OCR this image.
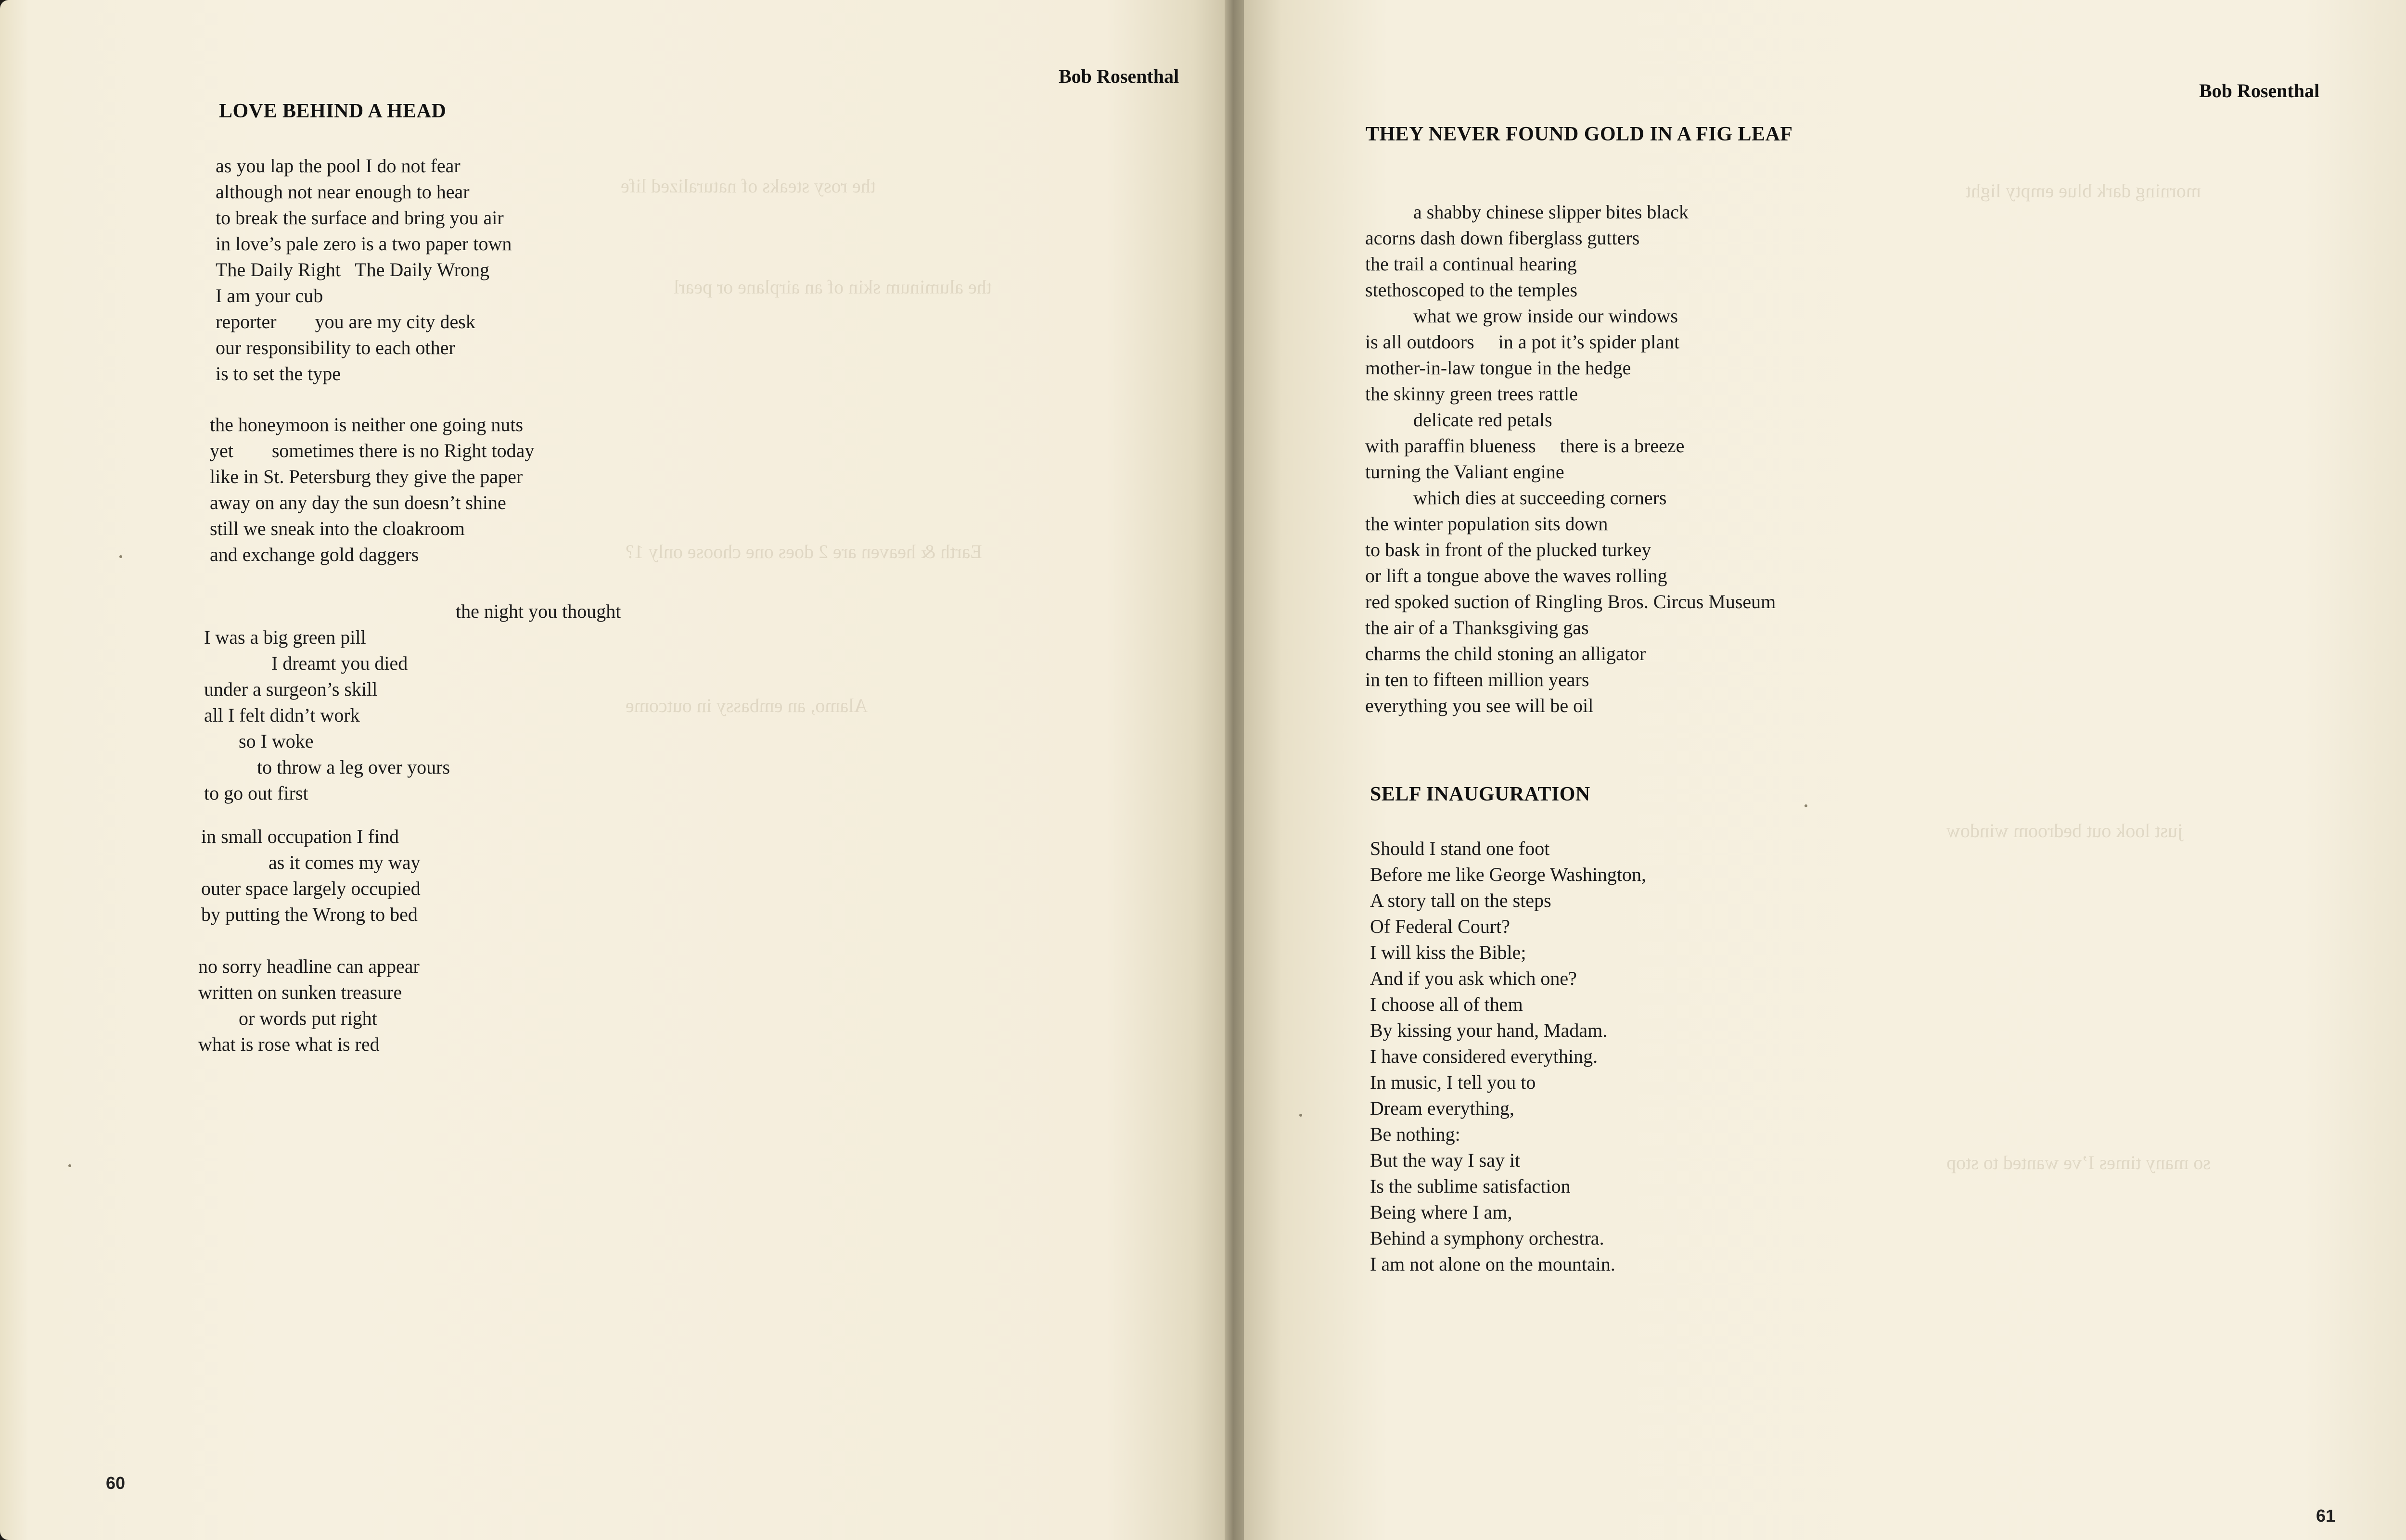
the rosy steaks of naturalized life
the aluminum skin of an airplane or pearl
Earth & heaven are 2 does one choose only 1?
Alamo, an embassy in outcome
Bob Rosenthal
LOVE BEHIND A HEAD
as you lap the pool I do not fear
although not near enough to hear
to break the surface and bring you air
in love’s pale zero is a two paper town
The Daily Right   The Daily Wrong
I am your cub
reporter        you are my city desk
our responsibility to each other
is to set the type
the honeymoon is neither one going nuts
yet        sometimes there is no Right today
like in St. Petersburg they give the paper
away on any day the sun doesn’t shine
still we sneak into the cloakroom
and exchange gold daggers
the night you thought
I was a big green pill
I dreamt you died
under a surgeon’s skill
all I felt didn’t work
so I woke
to throw a leg over yours
to go out first
in small occupation I find
as it comes my way
outer space largely occupied
by putting the Wrong to bed
no sorry headline can appear
written on sunken treasure
or words put right
what is rose what is red
60
morning dark blue empty light
just look out bedroom window
so many times I’ve wanted to stop
Bob Rosenthal
THEY NEVER FOUND GOLD IN A FIG LEAF
a shabby chinese slipper bites black
acorns dash down fiberglass gutters
the trail a continual hearing
stethoscoped to the temples
what we grow inside our windows
is all outdoors     in a pot it’s spider plant
mother-in-law tongue in the hedge
the skinny green trees rattle
delicate red petals
with paraffin blueness     there is a breeze
turning the Valiant engine
which dies at succeeding corners
the winter population sits down
to bask in front of the plucked turkey
or lift a tongue above the waves rolling
red spoked suction of Ringling Bros. Circus Museum
the air of a Thanksgiving gas
charms the child stoning an alligator
in ten to fifteen million years
everything you see will be oil
SELF INAUGURATION
Should I stand one foot
Before me like George Washington,
A story tall on the steps
Of Federal Court?
I will kiss the Bible;
And if you ask which one?
I choose all of them
By kissing your hand, Madam.
I have considered everything.
In music, I tell you to
Dream everything,
Be nothing:
But the way I say it
Is the sublime satisfaction
Being where I am,
Behind a symphony orchestra.
I am not alone on the mountain.
61
